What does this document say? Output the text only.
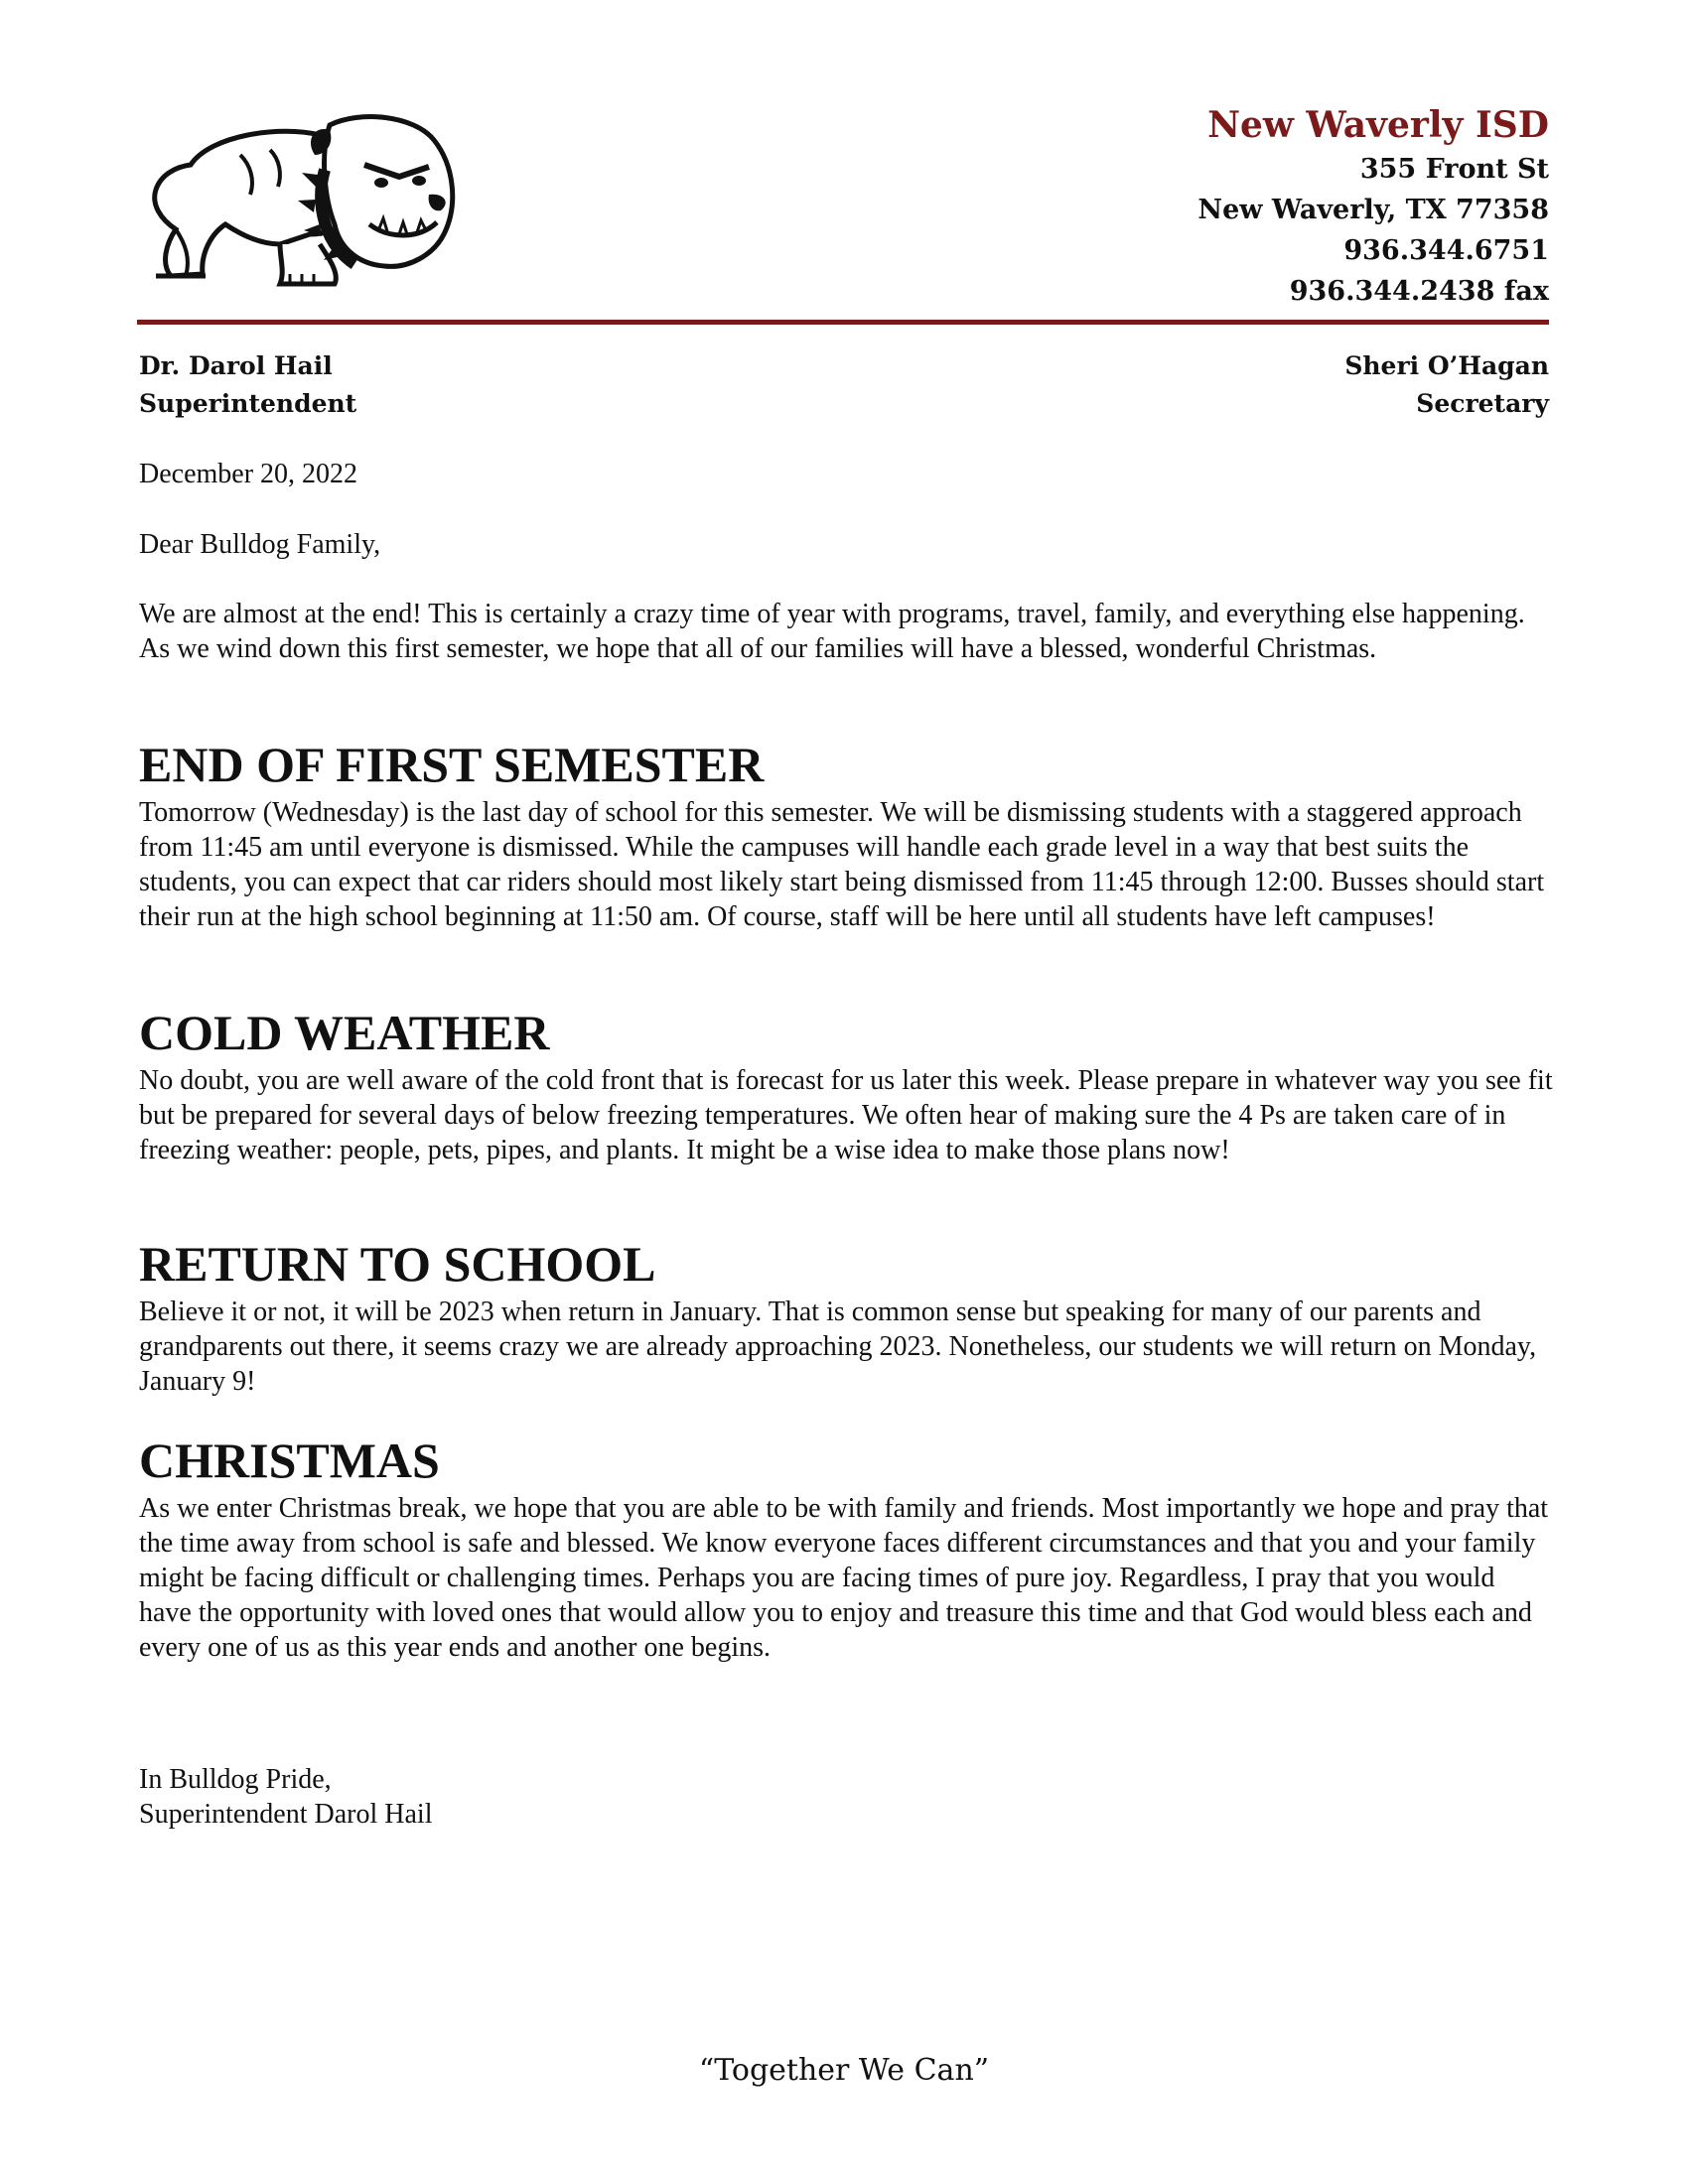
New Waverly ISD
355 Front St
New Waverly, TX 77358
936.344.6751
936.344.2438 fax
Dr. Darol Hail
Superintendent
Sheri O’Hagan
Secretary
December 20, 2022
Dear Bulldog Family,
We are almost at the end! This is certainly a crazy time of year with programs, travel, family, and everything else happening. As we wind down this first semester, we hope that all of our families will have a blessed, wonderful Christmas.
END OF FIRST SEMESTER
Tomorrow (Wednesday) is the last day of school for this semester. We will be dismissing students with a staggered approach from 11:45 am until everyone is dismissed. While the campuses will handle each grade level in a way that best suits the students, you can expect that car riders should most likely start being dismissed from 11:45 through 12:00. Busses should start their run at the high school beginning at 11:50 am. Of course, staff will be here until all students have left campuses!
COLD WEATHER
No doubt, you are well aware of the cold front that is forecast for us later this week. Please prepare in whatever way you see fit but be prepared for several days of below freezing temperatures. We often hear of making sure the 4 Ps are taken care of in freezing weather: people, pets, pipes, and plants. It might be a wise idea to make those plans now!
RETURN TO SCHOOL
Believe it or not, it will be 2023 when return in January. That is common sense but speaking for many of our parents and grandparents out there, it seems crazy we are already approaching 2023. Nonetheless, our students we will return on Monday, January 9!
CHRISTMAS
As we enter Christmas break, we hope that you are able to be with family and friends. Most importantly we hope and pray that the time away from school is safe and blessed. We know everyone faces different circumstances and that you and your family might be facing difficult or challenging times. Perhaps you are facing times of pure joy. Regardless, I pray that you would have the opportunity with loved ones that would allow you to enjoy and treasure this time and that God would bless each and every one of us as this year ends and another one begins.
In Bulldog Pride,
Superintendent Darol Hail
“Together We Can”
